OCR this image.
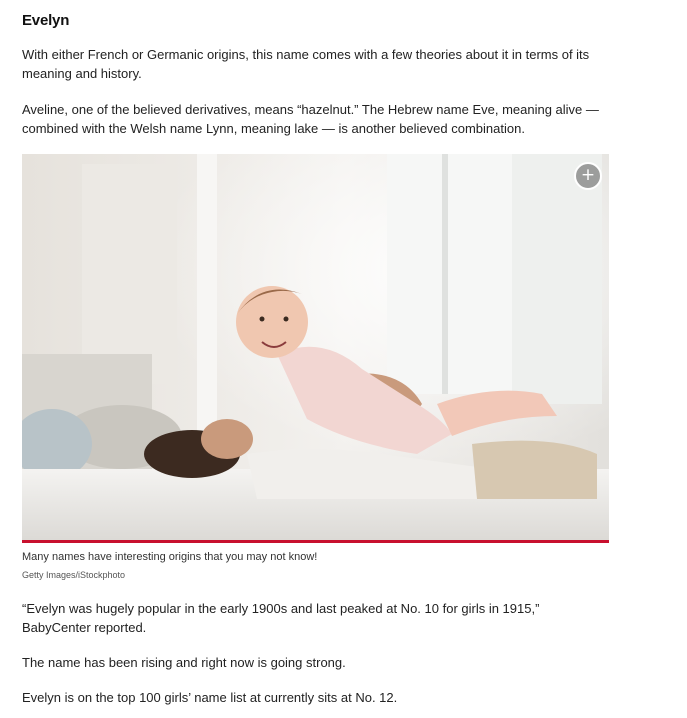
Evelyn

With either French or Germanic origins, this name comes with a few theories about it in terms of its meaning and history.

Aveline, one of the believed derivatives, means “hazelnut.” The Hebrew name Eve, meaning alive — combined with the Welsh name Lynn, meaning lake — is another believed combination.

+

Many names have interesting origins that you may not know!

Getty Images/iStockphoto

“Evelyn was hugely popular in the early 1900s and last peaked at No. 10 for girls in 1915,” BabyCenter reported.

The name has been rising and right now is going strong.

Evelyn is on the top 100 girls’ name list at currently sits at No. 12.
